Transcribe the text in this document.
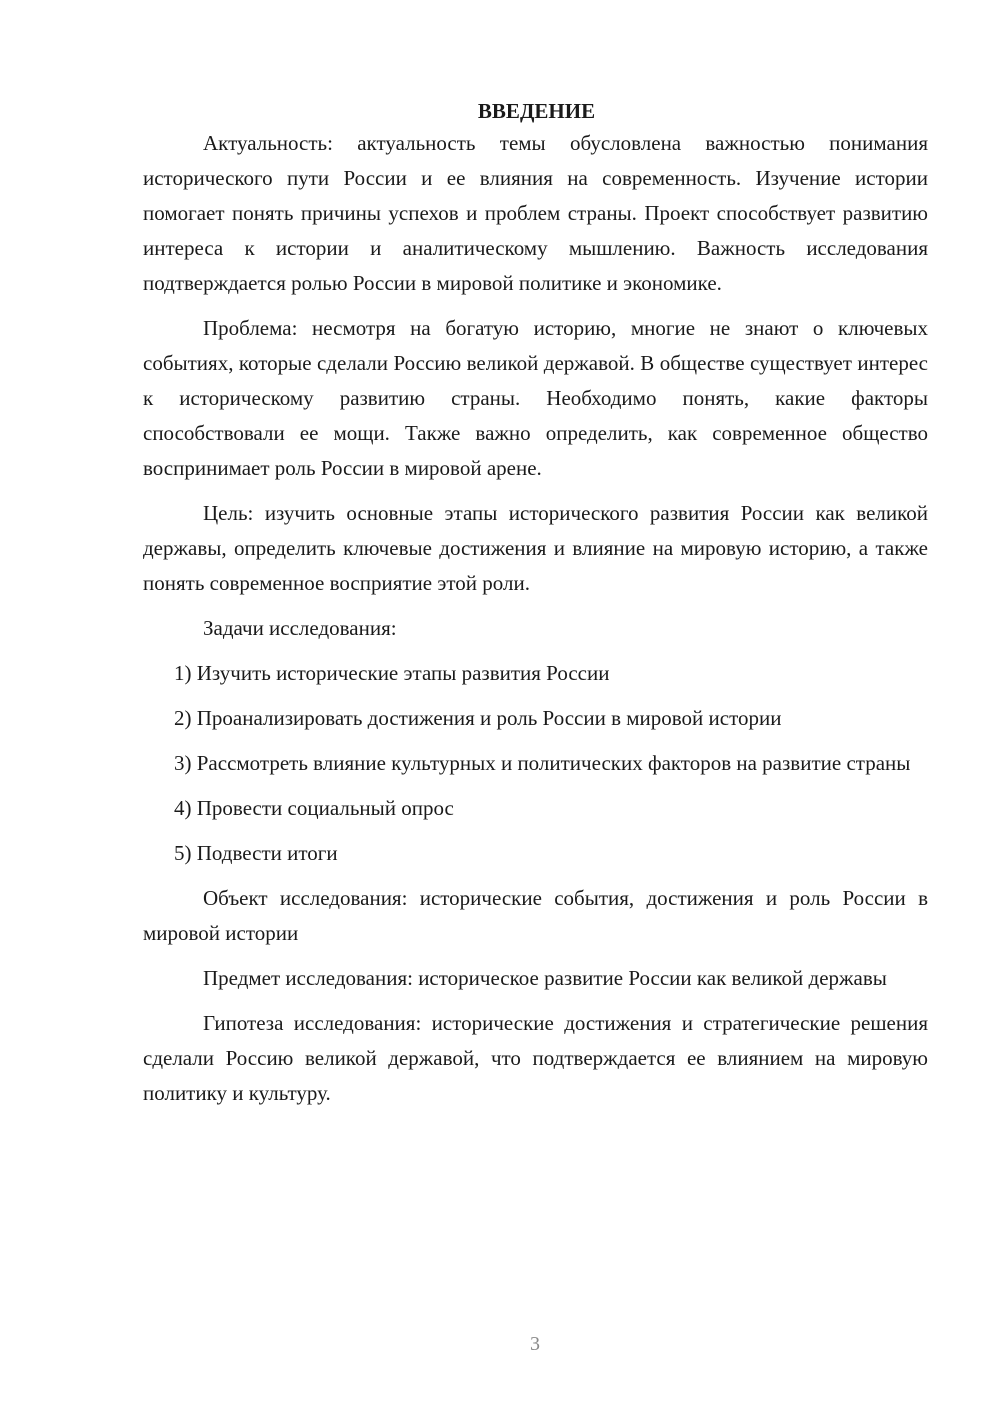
ВВЕДЕНИЕ

Актуальность: актуальность темы обусловлена важностью понимания исторического пути России и ее влияния на современность. Изучение истории помогает понять причины успехов и проблем страны. Проект способствует развитию интереса к истории и аналитическому мышлению. Важность исследования подтверждается ролью России в мировой политике и экономике.

Проблема: несмотря на богатую историю, многие не знают о ключевых событиях, которые сделали Россию великой державой. В обществе существует интерес к историческому развитию страны. Необходимо понять, какие факторы способствовали ее мощи. Также важно определить, как современное общество воспринимает роль России в мировой арене.

Цель: изучить основные этапы исторического развития России как великой державы, определить ключевые достижения и влияние на мировую историю, а также понять современное восприятие этой роли.

Задачи исследования:

1) Изучить исторические этапы развития России

2) Проанализировать достижения и роль России в мировой истории

3) Рассмотреть влияние культурных и политических факторов на развитие страны

4) Провести социальный опрос

5) Подвести итоги

Объект исследования: исторические события, достижения и роль России в мировой истории

Предмет исследования: историческое развитие России как великой державы

Гипотеза исследования: исторические достижения и стратегические решения сделали Россию великой державой, что подтверждается ее влиянием на мировую политику и культуру.

3
